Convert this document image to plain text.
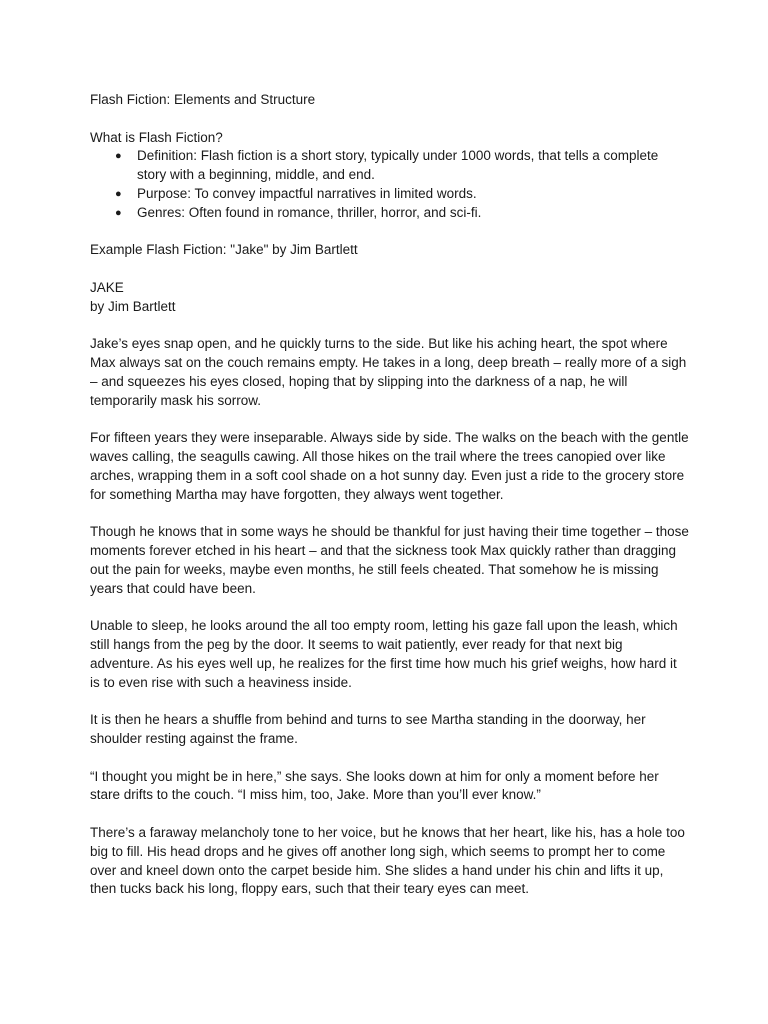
Flash Fiction: Elements and Structure

What is Flash Fiction?

● Definition: Flash fiction is a short story, typically under 1000 words, that tells a complete story with a beginning, middle, and end.
● Purpose: To convey impactful narratives in limited words.
● Genres: Often found in romance, thriller, horror, and sci-fi.

Example Flash Fiction: "Jake" by Jim Bartlett

JAKE

by Jim Bartlett

Jake’s eyes snap open, and he quickly turns to the side. But like his aching heart, the spot where Max always sat on the couch remains empty. He takes in a long, deep breath – really more of a sigh – and squeezes his eyes closed, hoping that by slipping into the darkness of a nap, he will temporarily mask his sorrow.

For fifteen years they were inseparable. Always side by side. The walks on the beach with the gentle waves calling, the seagulls cawing. All those hikes on the trail where the trees canopied over like arches, wrapping them in a soft cool shade on a hot sunny day. Even just a ride to the grocery store for something Martha may have forgotten, they always went together.

Though he knows that in some ways he should be thankful for just having their time together – those moments forever etched in his heart – and that the sickness took Max quickly rather than dragging out the pain for weeks, maybe even months, he still feels cheated. That somehow he is missing years that could have been.

Unable to sleep, he looks around the all too empty room, letting his gaze fall upon the leash, which still hangs from the peg by the door. It seems to wait patiently, ever ready for that next big adventure. As his eyes well up, he realizes for the first time how much his grief weighs, how hard it is to even rise with such a heaviness inside.

It is then he hears a shuffle from behind and turns to see Martha standing in the doorway, her shoulder resting against the frame.

“I thought you might be in here,” she says. She looks down at him for only a moment before her stare drifts to the couch. “I miss him, too, Jake. More than you’ll ever know.”

There’s a faraway melancholy tone to her voice, but he knows that her heart, like his, has a hole too big to fill. His head drops and he gives off another long sigh, which seems to prompt her to come over and kneel down onto the carpet beside him. She slides a hand under his chin and lifts it up, then tucks back his long, floppy ears, such that their teary eyes can meet.
